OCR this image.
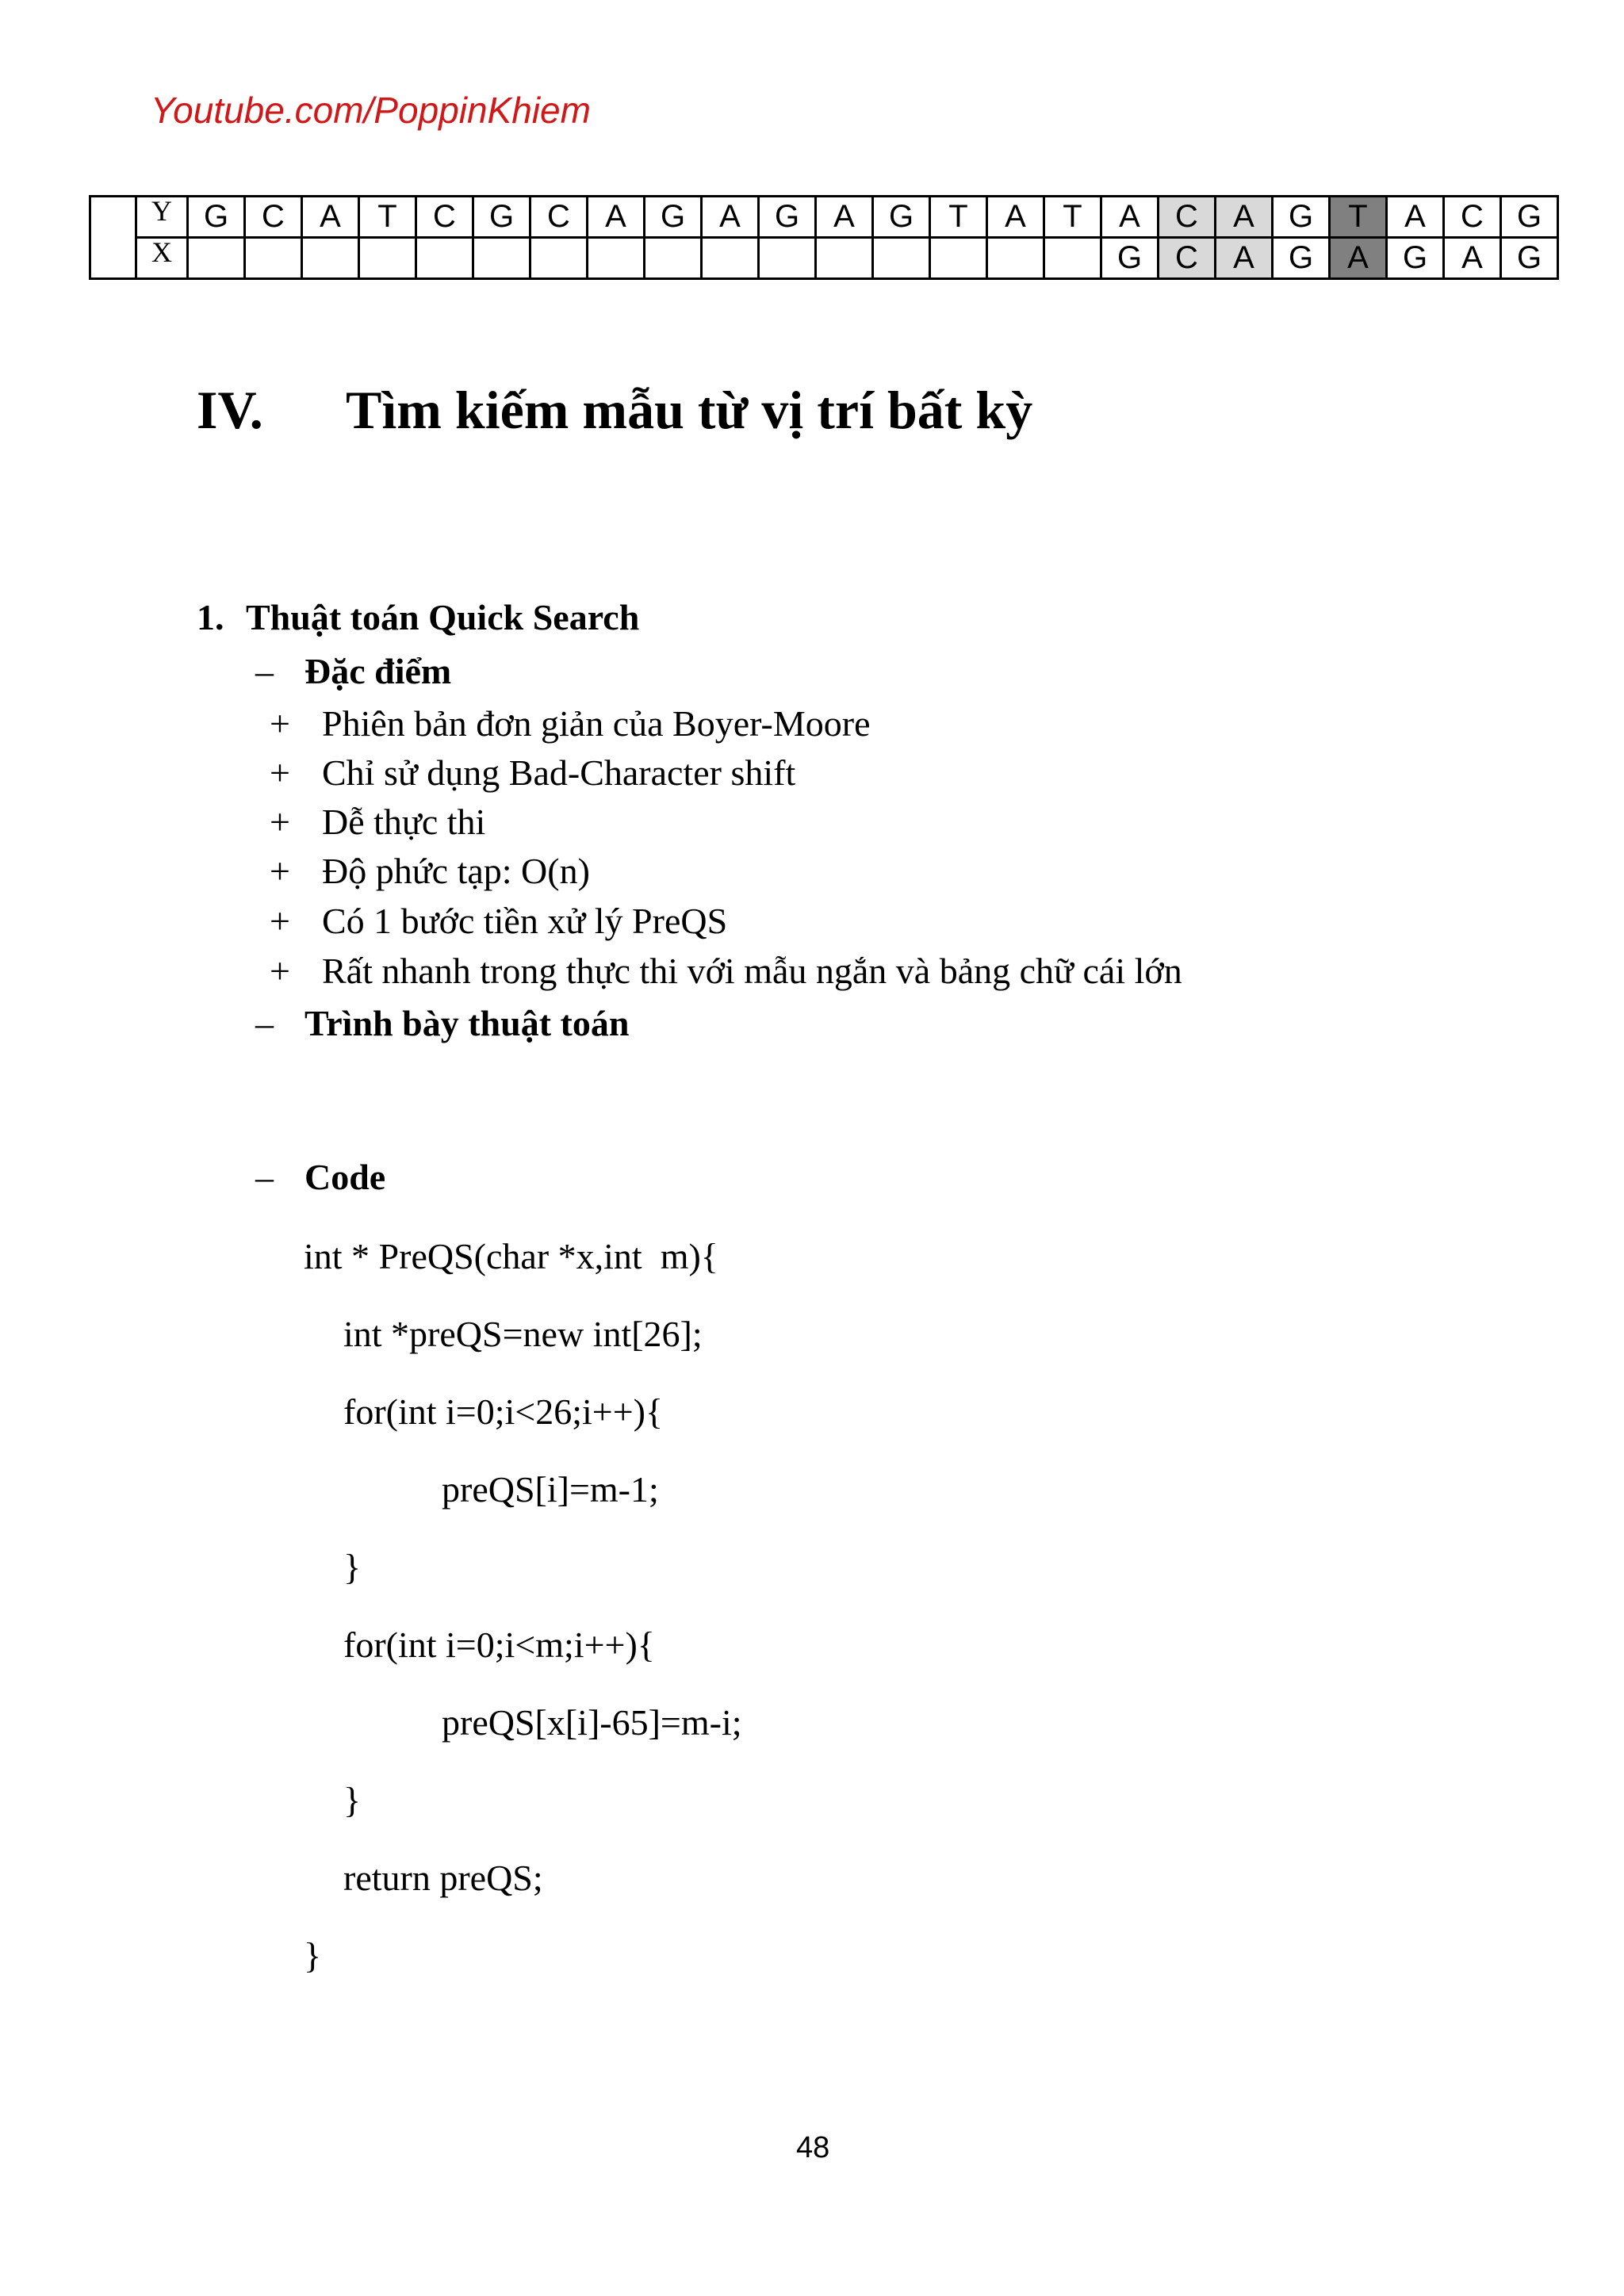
Youtube.com/PoppinKhiem
	Y	G	C	A	T	C	G	C	A	G	A	G	A	G	T	A	T	A	C	A	G	T	A	C	G
	X																	G	C	A	G	A	G	A	G
IV. Tìm kiếm mẫu từ vị trí bất kỳ
1. Thuật toán Quick Search
– Đặc điểm
+ Phiên bản đơn giản của Boyer-Moore
+ Chỉ sử dụng Bad-Character shift
+ Dễ thực thi
+ Độ phức tạp: O(n)
+ Có 1 bước tiền xử lý PreQS
+ Rất nhanh trong thực thi với mẫu ngắn và bảng chữ cái lớn
– Trình bày thuật toán
– Code
int * PreQS(char *x,int  m){
int *preQS=new int[26];
for(int i=0;i<26;i++){
preQS[i]=m-1;
}
for(int i=0;i<m;i++){
preQS[x[i]-65]=m-i;
}
return preQS;
}
48
